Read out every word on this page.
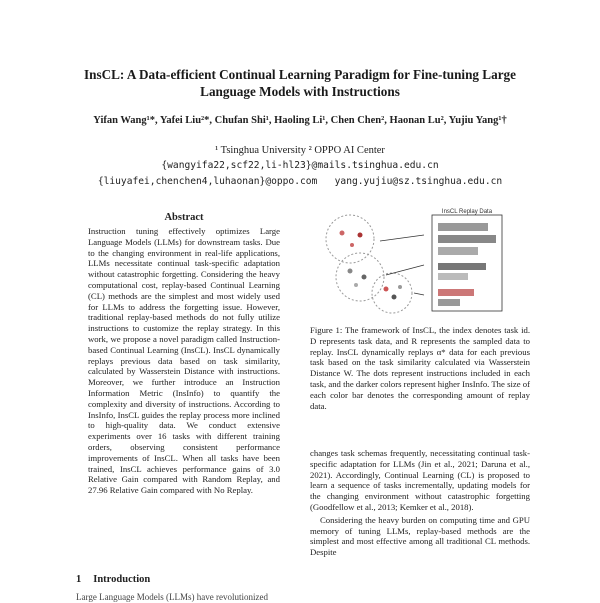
InsCL: A Data-efficient Continual Learning Paradigm for Fine-tuning Large Language Models with Instructions
Yifan Wang¹*, Yafei Liu²*, Chufan Shi¹, Haoling Li¹, Chen Chen², Haonan Lu², Yujiu Yang¹†
¹ Tsinghua University ² OPPO AI Center
{wangyifa22,scf22,li-hl23}@mails.tsinghua.edu.cn
{liuyafei,chenchen4,luhaonan}@oppo.com   yang.yujiu@sz.tsinghua.edu.cn
Abstract
Instruction tuning effectively optimizes Large Language Models (LLMs) for downstream tasks. Due to the changing environment in real-life applications, LLMs necessitate continual task-specific adaptation without catastrophic forgetting. Considering the heavy computational cost, replay-based Continual Learning (CL) methods are the simplest and most widely used for LLMs to address the forgetting issue. However, traditional replay-based methods do not fully utilize instructions to customize the replay strategy. In this work, we propose a novel paradigm called Instruction-based Continual Learning (InsCL). InsCL dynamically replays previous data based on task similarity, calculated by Wasserstein Distance with instructions. Moreover, we further introduce an Instruction Information Metric (InsInfo) to quantify the complexity and diversity of instructions. According to InsInfo, InsCL guides the replay process more inclined to high-quality data. We conduct extensive experiments over 16 tasks with different training orders, observing consistent performance improvements of InsCL. When all tasks have been trained, InsCL achieves performance gains of 3.0 Relative Gain compared with Random Replay, and 27.96 Relative Gain compared with No Replay.
1 Introduction
Large Language Models (LLMs) have revolutionized
InsCL Replay Data
Figure 1: The framework of InsCL, the index denotes task id. D represents task data, and R represents the sampled data to replay. InsCL dynamically replays α* data for each previous task based on the task similarity calculated via Wasserstein Distance W. The dots represent instructions included in each task, and the darker colors represent higher InsInfo. The size of each color bar denotes the corresponding amount of replay data.

changes task schemas frequently, necessitating continual task-specific adaptation for LLMs (Jin et al., 2021; Daruna et al., 2021). Accordingly, Continual Learning (CL) is proposed to learn a sequence of tasks incrementally, updating models for the changing environment without catastrophic forgetting (Goodfellow et al., 2013; Kemker et al., 2018).

Considering the heavy burden on computing time and GPU memory of tuning LLMs, replay-based methods are the simplest and most effective among all traditional CL methods. Despite
